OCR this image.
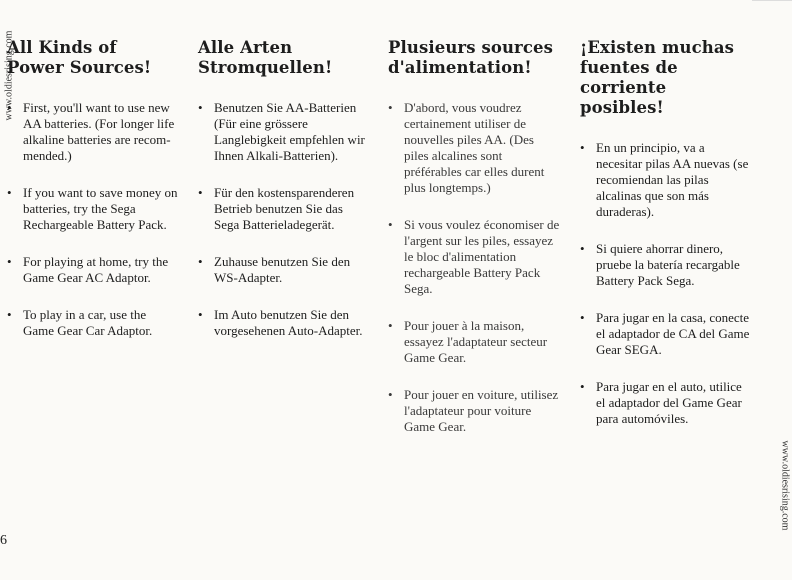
www.oldiesrising.com
www.oldiesrising.com
All Kinds of Power Sources!
• First, you'll want to use new AA batteries. (For longer life alkaline batteries are recom- mended.)
• If you want to save money on batteries, try the Sega Rechargeable Battery Pack.
• For playing at home, try the Game Gear AC Adaptor.
• To play in a car, use the Game Gear Car Adaptor.
Alle Arten Stromquellen!
• Benutzen Sie AA-Batterien (Für eine grössere Langlebigkeit empfehlen wir Ihnen Alkali-Batterien).
• Für den kostensparenderen Betrieb benutzen Sie das Sega Batterieladegerät.
• Zuhause benutzen Sie den WS-Adapter.
• Im Auto benutzen Sie den vorgesehenen Auto-Adapter.
Plusieurs sources d'alimentation!
• D'abord, vous voudrez certainement utiliser de nouvelles piles AA. (Des piles alcalines sont préférables car elles durent plus longtemps.)
• Si vous voulez économiser de l'argent sur les piles, essayez le bloc d'alimentation rechargeable Battery Pack Sega.
• Pour jouer à la maison, essayez l'adaptateur secteur Game Gear.
• Pour jouer en voiture, utilisez l'adaptateur pour voiture Game Gear.
¡Existen muchas fuentes de corriente posibles!
• En un principio, va a necesitar pilas AA nuevas (se recomiendan las pilas alcalinas que son más duraderas).
• Si quiere ahorrar dinero, pruebe la batería recargable Battery Pack Sega.
• Para jugar en la casa, conecte el adaptador de CA del Game Gear SEGA.
• Para jugar en el auto, utilice el adaptador del Game Gear para automóviles.
6
